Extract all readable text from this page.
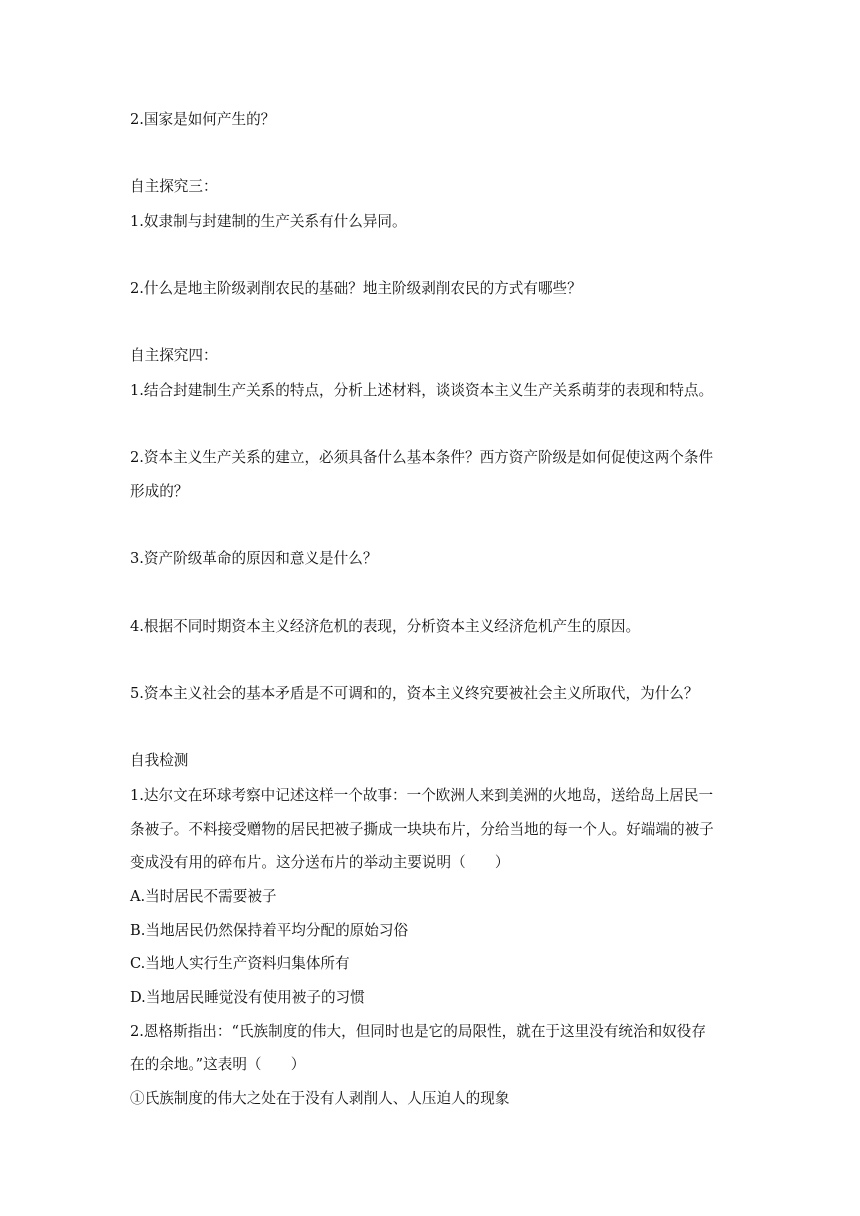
2.国家是如何产生的？
自主探究三：
1.奴隶制与封建制的生产关系有什么异同。
2.什么是地主阶级剥削农民的基础？地主阶级剥削农民的方式有哪些？
自主探究四：
1.结合封建制生产关系的特点，分析上述材料，谈谈资本主义生产关系萌芽的表现和特点。
2.资本主义生产关系的建立，必须具备什么基本条件？西方资产阶级是如何促使这两个条件
形成的？
3.资产阶级革命的原因和意义是什么？
4.根据不同时期资本主义经济危机的表现，分析资本主义经济危机产生的原因。
5.资本主义社会的基本矛盾是不可调和的，资本主义终究要被社会主义所取代，为什么？
自我检测
1.达尔文在环球考察中记述这样一个故事：一个欧洲人来到美洲的火地岛，送给岛上居民一
条被子。不料接受赠物的居民把被子撕成一块块布片，分给当地的每一个人。好端端的被子
变成没有用的碎布片。这分送布片的举动主要说明（　　）
A.当时居民不需要被子
B.当地居民仍然保持着平均分配的原始习俗
C.当地人实行生产资料归集体所有
D.当地居民睡觉没有使用被子的习惯
2.恩格斯指出：“氏族制度的伟大，但同时也是它的局限性，就在于这里没有统治和奴役存
在的余地。”这表明（　　）
①氏族制度的伟大之处在于没有人剥削人、人压迫人的现象
